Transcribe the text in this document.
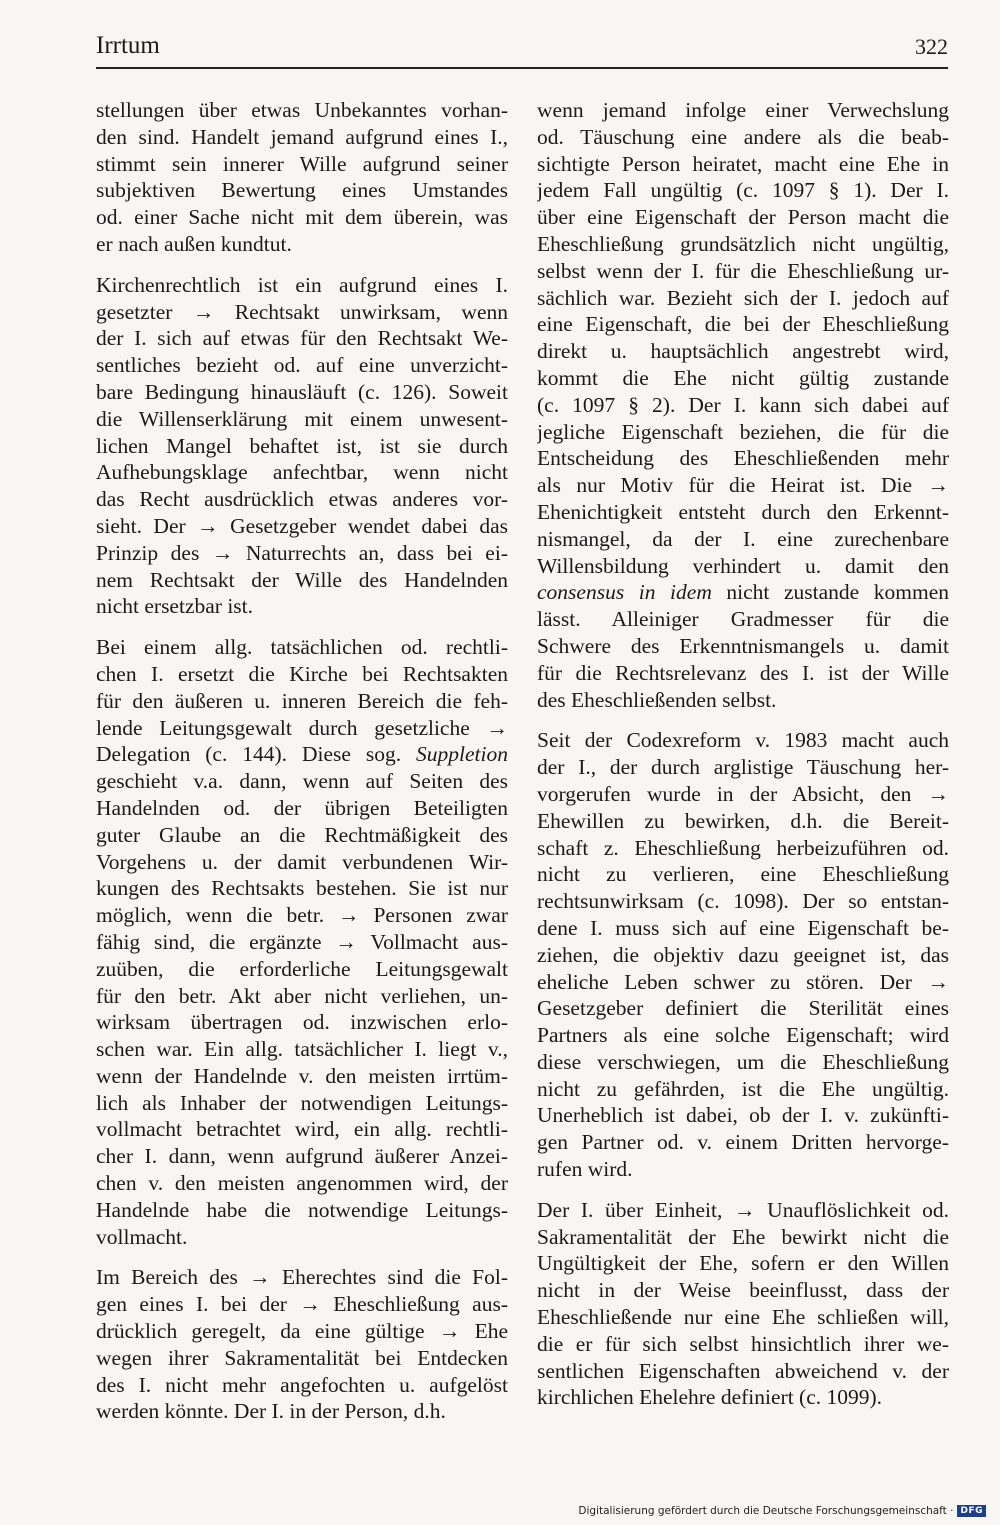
Irrtum	322
stellungen über etwas Unbekanntes vorhan-
den sind. Handelt jemand aufgrund eines I.,
stimmt sein innerer Wille aufgrund seiner
subjektiven Bewertung eines Umstandes
od. einer Sache nicht mit dem überein, was
er nach außen kundtut.
Kirchenrechtlich ist ein aufgrund eines I.
gesetzter → Rechtsakt unwirksam, wenn
der I. sich auf etwas für den Rechtsakt We-
sentliches bezieht od. auf eine unverzicht-
bare Bedingung hinausläuft (c. 126). Soweit
die Willenserklärung mit einem unwesent-
lichen Mangel behaftet ist, ist sie durch
Aufhebungsklage anfechtbar, wenn nicht
das Recht ausdrücklich etwas anderes vor-
sieht. Der → Gesetzgeber wendet dabei das
Prinzip des → Naturrechts an, dass bei ei-
nem Rechtsakt der Wille des Handelnden
nicht ersetzbar ist.
Bei einem allg. tatsächlichen od. rechtli-
chen I. ersetzt die Kirche bei Rechtsakten
für den äußeren u. inneren Bereich die feh-
lende Leitungsgewalt durch gesetzliche →
Delegation (c. 144). Diese sog. Suppletion
geschieht v.a. dann, wenn auf Seiten des
Handelnden od. der übrigen Beteiligten
guter Glaube an die Rechtmäßigkeit des
Vorgehens u. der damit verbundenen Wir-
kungen des Rechtsakts bestehen. Sie ist nur
möglich, wenn die betr. → Personen zwar
fähig sind, die ergänzte → Vollmacht aus-
zuüben, die erforderliche Leitungsgewalt
für den betr. Akt aber nicht verliehen, un-
wirksam übertragen od. inzwischen erlo-
schen war. Ein allg. tatsächlicher I. liegt v.,
wenn der Handelnde v. den meisten irrtüm-
lich als Inhaber der notwendigen Leitungs-
vollmacht betrachtet wird, ein allg. rechtli-
cher I. dann, wenn aufgrund äußerer Anzei-
chen v. den meisten angenommen wird, der
Handelnde habe die notwendige Leitungs-
vollmacht.
Im Bereich des → Eherechtes sind die Fol-
gen eines I. bei der → Eheschließung aus-
drücklich geregelt, da eine gültige → Ehe
wegen ihrer Sakramentalität bei Entdecken
des I. nicht mehr angefochten u. aufgelöst
werden könnte. Der I. in der Person, d.h.
wenn jemand infolge einer Verwechslung
od. Täuschung eine andere als die beab-
sichtigte Person heiratet, macht eine Ehe in
jedem Fall ungültig (c. 1097 § 1). Der I.
über eine Eigenschaft der Person macht die
Eheschließung grundsätzlich nicht ungültig,
selbst wenn der I. für die Eheschließung ur-
sächlich war. Bezieht sich der I. jedoch auf
eine Eigenschaft, die bei der Eheschließung
direkt u. hauptsächlich angestrebt wird,
kommt die Ehe nicht gültig zustande
(c. 1097 § 2). Der I. kann sich dabei auf
jegliche Eigenschaft beziehen, die für die
Entscheidung des Eheschließenden mehr
als nur Motiv für die Heirat ist. Die →
Ehenichtigkeit entsteht durch den Erkennt-
nismangel, da der I. eine zurechenbare
Willensbildung verhindert u. damit den
consensus in idem nicht zustande kommen
lässt. Alleiniger Gradmesser für die
Schwere des Erkenntnismangels u. damit
für die Rechtsrelevanz des I. ist der Wille
des Eheschließenden selbst.
Seit der Codexreform v. 1983 macht auch
der I., der durch arglistige Täuschung her-
vorgerufen wurde in der Absicht, den →
Ehewillen zu bewirken, d.h. die Bereit-
schaft z. Eheschließung herbeizuführen od.
nicht zu verlieren, eine Eheschließung
rechtsunwirksam (c. 1098). Der so entstan-
dene I. muss sich auf eine Eigenschaft be-
ziehen, die objektiv dazu geeignet ist, das
eheliche Leben schwer zu stören. Der →
Gesetzgeber definiert die Sterilität eines
Partners als eine solche Eigenschaft; wird
diese verschwiegen, um die Eheschließung
nicht zu gefährden, ist die Ehe ungültig.
Unerheblich ist dabei, ob der I. v. zukünfti-
gen Partner od. v. einem Dritten hervorge-
rufen wird.
Der I. über Einheit, → Unauflöslichkeit od.
Sakramentalität der Ehe bewirkt nicht die
Ungültigkeit der Ehe, sofern er den Willen
nicht in der Weise beeinflusst, dass der
Eheschließende nur eine Ehe schließen will,
die er für sich selbst hinsichtlich ihrer we-
sentlichen Eigenschaften abweichend v. der
kirchlichen Ehelehre definiert (c. 1099).
Digitalisierung gefördert durch die Deutsche Forschungsgemeinschaft · DFG
